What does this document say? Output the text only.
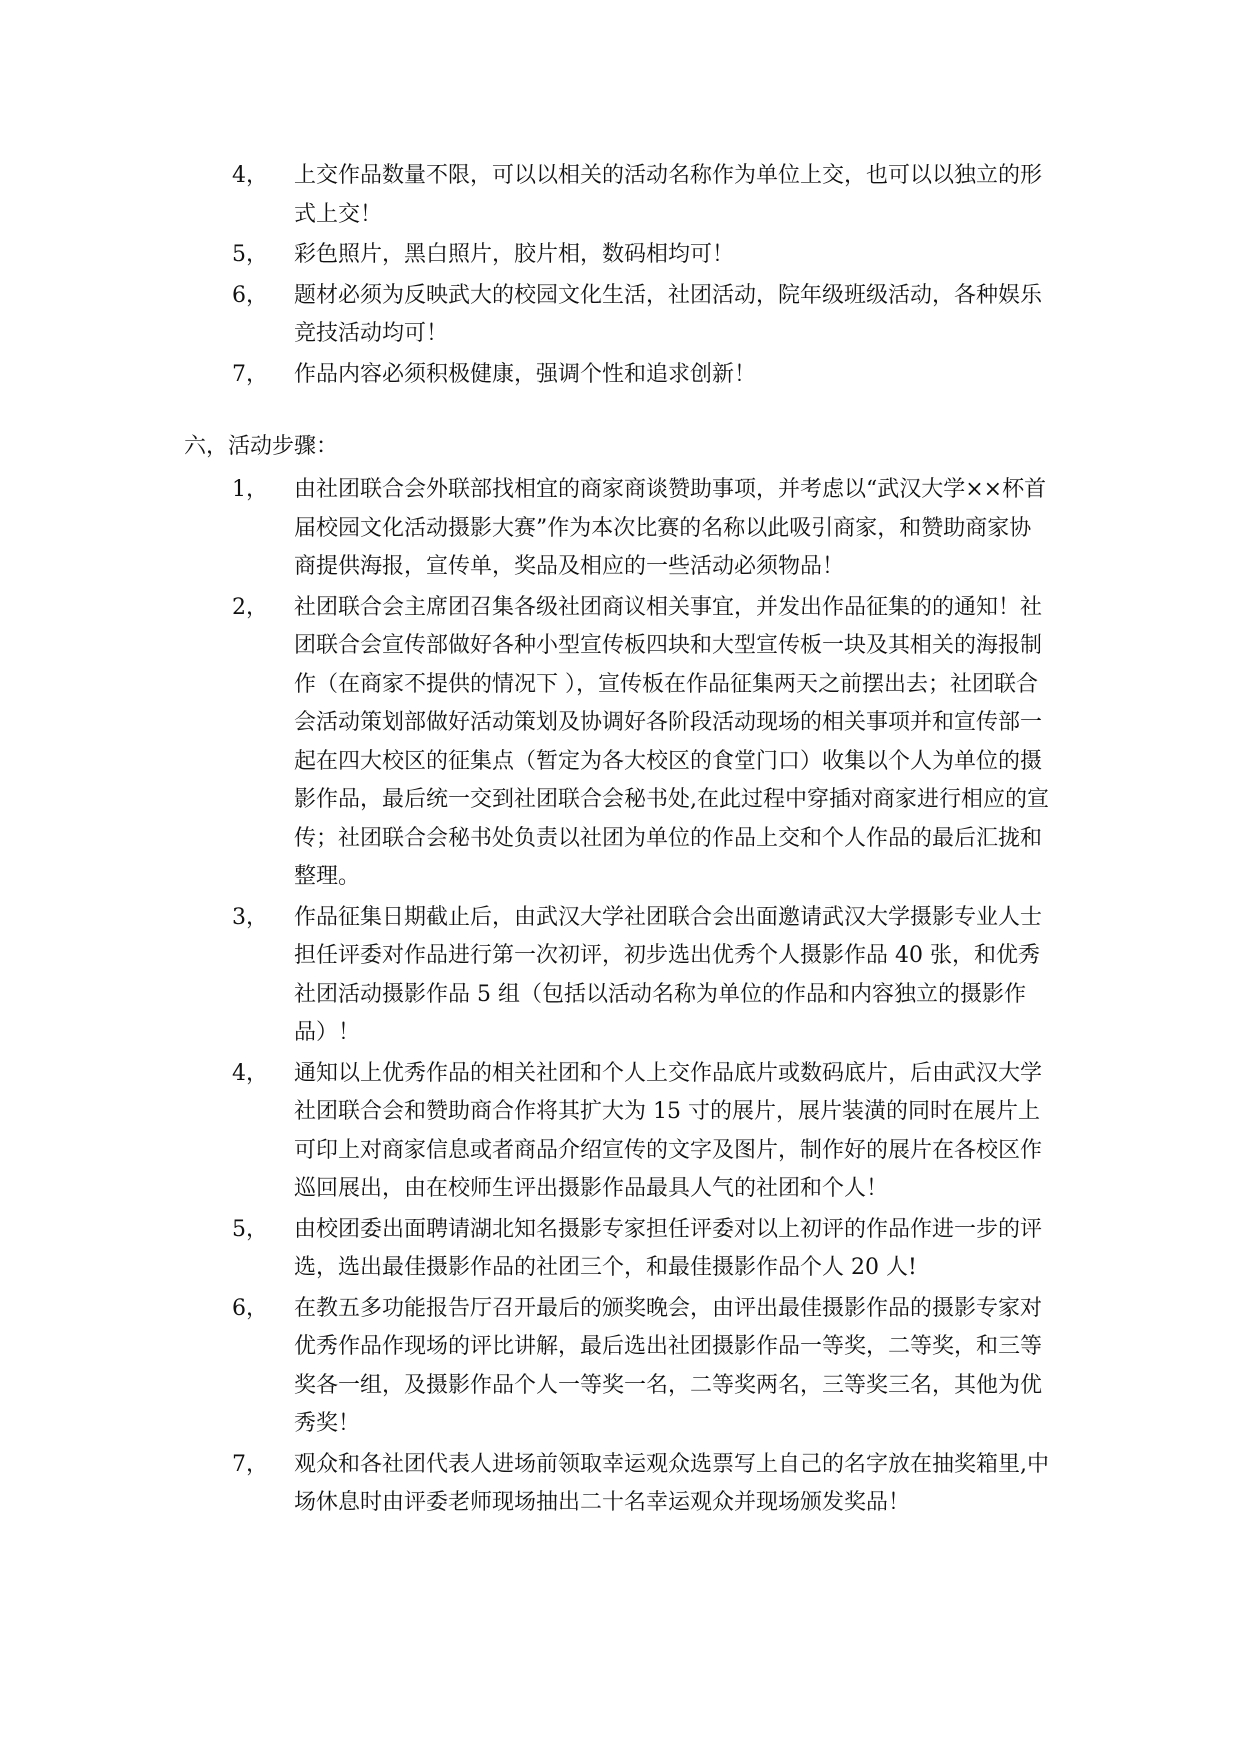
4，	上交作品数量不限，可以以相关的活动名称作为单位上交，也可以以独立的形式上交！
5，	彩色照片，黑白照片，胶片相，数码相均可！
6，	题材必须为反映武大的校园文化生活，社团活动，院年级班级活动，各种娱乐竞技活动均可！
7，	作品内容必须积极健康，强调个性和追求创新！
六，活动步骤：
1，	由社团联合会外联部找相宜的商家商谈赞助事项，并考虑以“武汉大学××杯首届校园文化活动摄影大赛”作为本次比赛的名称以此吸引商家，和赞助商家协商提供海报，宣传单，奖品及相应的一些活动必须物品！
2，	社团联合会主席团召集各级社团商议相关事宜，并发出作品征集的的通知！社团联合会宣传部做好各种小型宣传板四块和大型宣传板一块及其相关的海报制作（在商家不提供的情况下 ），宣传板在作品征集两天之前摆出去；社团联合会活动策划部做好活动策划及协调好各阶段活动现场的相关事项并和宣传部一起在四大校区的征集点（暂定为各大校区的食堂门口）收集以个人为单位的摄影作品，最后统一交到社团联合会秘书处,在此过程中穿插对商家进行相应的宣传；社团联合会秘书处负责以社团为单位的作品上交和个人作品的最后汇拢和整理。
3，	作品征集日期截止后，由武汉大学社团联合会出面邀请武汉大学摄影专业人士担任评委对作品进行第一次初评，初步选出优秀个人摄影作品 40 张，和优秀社团活动摄影作品 5 组（包括以活动名称为单位的作品和内容独立的摄影作品）！
4，	通知以上优秀作品的相关社团和个人上交作品底片或数码底片，后由武汉大学社团联合会和赞助商合作将其扩大为 15 寸的展片，展片装潢的同时在展片上可印上对商家信息或者商品介绍宣传的文字及图片，制作好的展片在各校区作巡回展出，由在校师生评出摄影作品最具人气的社团和个人！
5，	由校团委出面聘请湖北知名摄影专家担任评委对以上初评的作品作进一步的评选，选出最佳摄影作品的社团三个，和最佳摄影作品个人 20 人!
6，	在教五多功能报告厅召开最后的颁奖晚会，由评出最佳摄影作品的摄影专家对优秀作品作现场的评比讲解，最后选出社团摄影作品一等奖，二等奖，和三等奖各一组，及摄影作品个人一等奖一名，二等奖两名，三等奖三名，其他为优秀奖！
7，	观众和各社团代表人进场前领取幸运观众选票写上自己的名字放在抽奖箱里,中场休息时由评委老师现场抽出二十名幸运观众并现场颁发奖品！
